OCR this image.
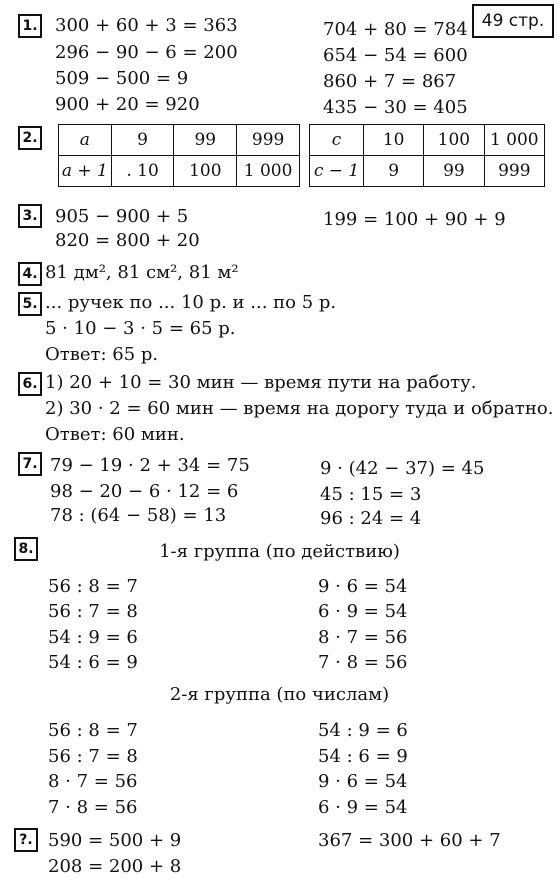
49 стр.
1. 300 + 60 + 3 = 363
296 − 90 − 6 = 200
509 − 500 = 9
900 + 20 = 920
704 + 80 = 784
654 − 54 = 600
860 + 7 = 867
435 − 30 = 405
2. a	9	99	999
a + 1	. 10	100	1 000
c	10	100	1 000
c − 1	9	99	999
3. 905 − 900 + 5
820 = 800 + 20
199 = 100 + 90 + 9
4. 81 дм², 81 см², 81 м²
5. ... ручек по ... 10 р. и ... по 5 р.
5 · 10 − 3 · 5 = 65 р.
Ответ: 65 р.
6. 1) 20 + 10 = 30 мин — время пути на работу.
2) 30 · 2 = 60 мин — время на дорогу туда и обратно.
Ответ: 60 мин.
7. 79 − 19 · 2 + 34 = 75
98 − 20 − 6 · 12 = 6
78 : (64 − 58) = 13
9 · (42 − 37) = 45
45 : 15 = 3
96 : 24 = 4
8.	1-я группа (по действию)
56 : 8 = 7
56 : 7 = 8
54 : 9 = 6
54 : 6 = 9
9 · 6 = 54
6 · 9 = 54
8 · 7 = 56
7 · 8 = 56
2-я группа (по числам)
56 : 8 = 7
56 : 7 = 8
8 · 7 = 56
7 · 8 = 56
54 : 9 = 6
54 : 6 = 9
9 · 6 = 54
6 · 9 = 54
?. 590 = 500 + 9
208 = 200 + 8
367 = 300 + 60 + 7
